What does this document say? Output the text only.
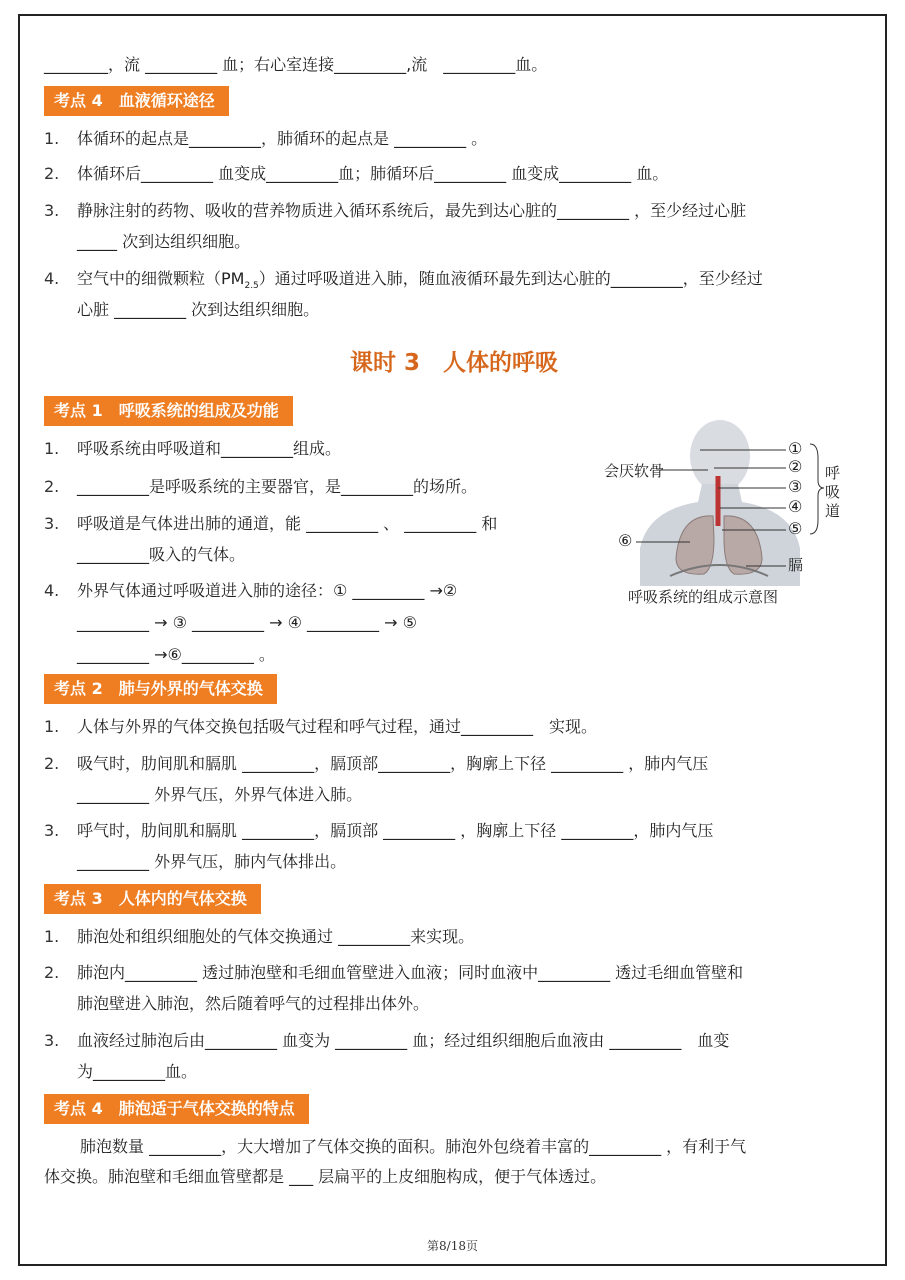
________，流 _________ 血；右心室连接_________,流　_________血。
考点 4　血液循环途径
1.	体循环的起点是_________，肺循环的起点是 _________ 。
2.	体循环后_________ 血变成_________血；肺循环后_________ 血变成_________ 血。
3.	静脉注射的药物、吸收的营养物质进入循环系统后，最先到达心脏的_________ ，至少经过心脏
_____ 次到达组织细胞。
4.	空气中的细微颗粒$(PM_{2.5})$通过呼吸道进入肺，随血液循环最先到达心脏的_________，至少经过
心脏 _________ 次到达组织细胞。
课时 3　人体的呼吸
考点 1　呼吸系统的组成及功能
1.	呼吸系统由呼吸道和_________组成。
2.	_________是呼吸系统的主要器官，是_________的场所。
3.	呼吸道是气体进出肺的通道，能 _________ 、 _________ 和
_________吸入的气体。
4.	外界气体通过呼吸道进入肺的途径：① _________ →②
_________ → ③ _________ → ④ _________ → ⑤
_________ →⑥_________ 。
考点 2　肺与外界的气体交换
1.	人体与外界的气体交换包括吸气过程和呼气过程，通过_________　实现。
2.	吸气时，肋间肌和膈肌 _________，膈顶部_________，胸廓上下径 _________ ，肺内气压
_________ 外界气压，外界气体进入肺。
3.	呼气时，肋间肌和膈肌 _________，膈顶部 _________ ，胸廓上下径 _________，肺内气压
_________ 外界气压，肺内气体排出。
考点 3　人体内的气体交换
1.	肺泡处和组织细胞处的气体交换通过 _________来实现。
2.	肺泡内_________ 透过肺泡壁和毛细血管壁进入血液；同时血液中_________ 透过毛细血管壁和
肺泡壁进入肺泡，然后随着呼气的过程排出体外。
3.	血液经过肺泡后由_________ 血变为 _________ 血；经过组织细胞后血液由 _________　血变
为_________血。
考点 4　肺泡适于气体交换的特点
肺泡数量 _________，大大增加了气体交换的面积。肺泡外包绕着丰富的_________ ，有利于气
体交换。肺泡壁和毛细血管壁都是 ___ 层扁平的上皮细胞构成，便于气体透过。
会厌软骨
①
②
③
④
⑤
⑥
呼
吸
道
膈
呼吸系统的组成示意图
第8/18页
